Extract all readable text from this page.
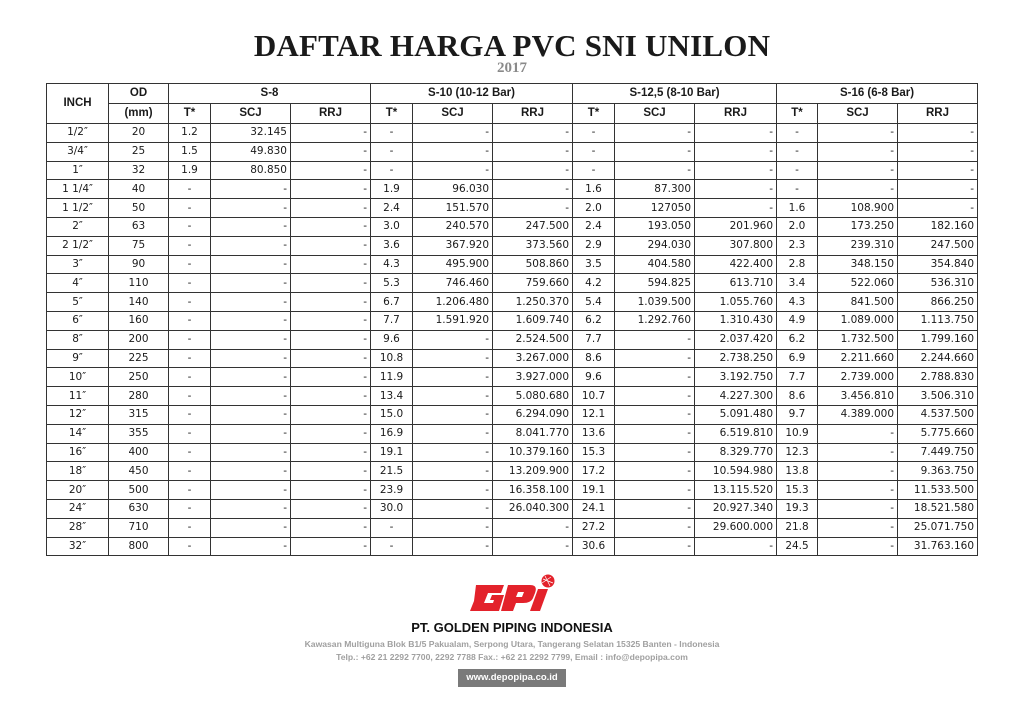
DAFTAR HARGA PVC SNI UNILON
2017
INCH	OD	S-8			S-10 (10-12 Bar)			S-12,5 (8-10 Bar)			S-16 (6-8 Bar)		
	(mm)	T*	SCJ	RRJ	T*	SCJ	RRJ	T*	SCJ	RRJ	T*	SCJ	RRJ
1/2″	20	1.2	32.145	-	-	-	-	-	-	-	-	-	-
3/4″	25	1.5	49.830	-	-	-	-	-	-	-	-	-	-
1″	32	1.9	80.850	-	-	-	-	-	-	-	-	-	-
1 1/4″	40	-	-	-	1.9	96.030	-	1.6	87.300	-	-	-	-
1 1/2″	50	-	-	-	2.4	151.570	-	2.0	127050	-	1.6	108.900	-
2″	63	-	-	-	3.0	240.570	247.500	2.4	193.050	201.960	2.0	173.250	182.160
2 1/2″	75	-	-	-	3.6	367.920	373.560	2.9	294.030	307.800	2.3	239.310	247.500
3″	90	-	-	-	4.3	495.900	508.860	3.5	404.580	422.400	2.8	348.150	354.840
4″	110	-	-	-	5.3	746.460	759.660	4.2	594.825	613.710	3.4	522.060	536.310
5″	140	-	-	-	6.7	1.206.480	1.250.370	5.4	1.039.500	1.055.760	4.3	841.500	866.250
6″	160	-	-	-	7.7	1.591.920	1.609.740	6.2	1.292.760	1.310.430	4.9	1.089.000	1.113.750
8″	200	-	-	-	9.6	-	2.524.500	7.7	-	2.037.420	6.2	1.732.500	1.799.160
9″	225	-	-	-	10.8	-	3.267.000	8.6	-	2.738.250	6.9	2.211.660	2.244.660
10″	250	-	-	-	11.9	-	3.927.000	9.6	-	3.192.750	7.7	2.739.000	2.788.830
11″	280	-	-	-	13.4	-	5.080.680	10.7	-	4.227.300	8.6	3.456.810	3.506.310
12″	315	-	-	-	15.0	-	6.294.090	12.1	-	5.091.480	9.7	4.389.000	4.537.500
14″	355	-	-	-	16.9	-	8.041.770	13.6	-	6.519.810	10.9	-	5.775.660
16″	400	-	-	-	19.1	-	10.379.160	15.3	-	8.329.770	12.3	-	7.449.750
18″	450	-	-	-	21.5	-	13.209.900	17.2	-	10.594.980	13.8	-	9.363.750
20″	500	-	-	-	23.9	-	16.358.100	19.1	-	13.115.520	15.3	-	11.533.500
24″	630	-	-	-	30.0	-	26.040.300	24.1	-	20.927.340	19.3	-	18.521.580
28″	710	-	-	-	-	-	-	27.2	-	29.600.000	21.8	-	25.071.750
32″	800	-	-	-	-	-	-	30.6	-	-	24.5	-	31.763.160
PT. GOLDEN PIPING INDONESIA
Kawasan Multiguna Blok B1/5 Pakualam, Serpong Utara, Tangerang Selatan 15325 Banten - Indonesia
Telp.: +62 21 2292 7700, 2292 7788 Fax.: +62 21 2292 7799, Email : info@depopipa.com
www.depopipa.co.id
